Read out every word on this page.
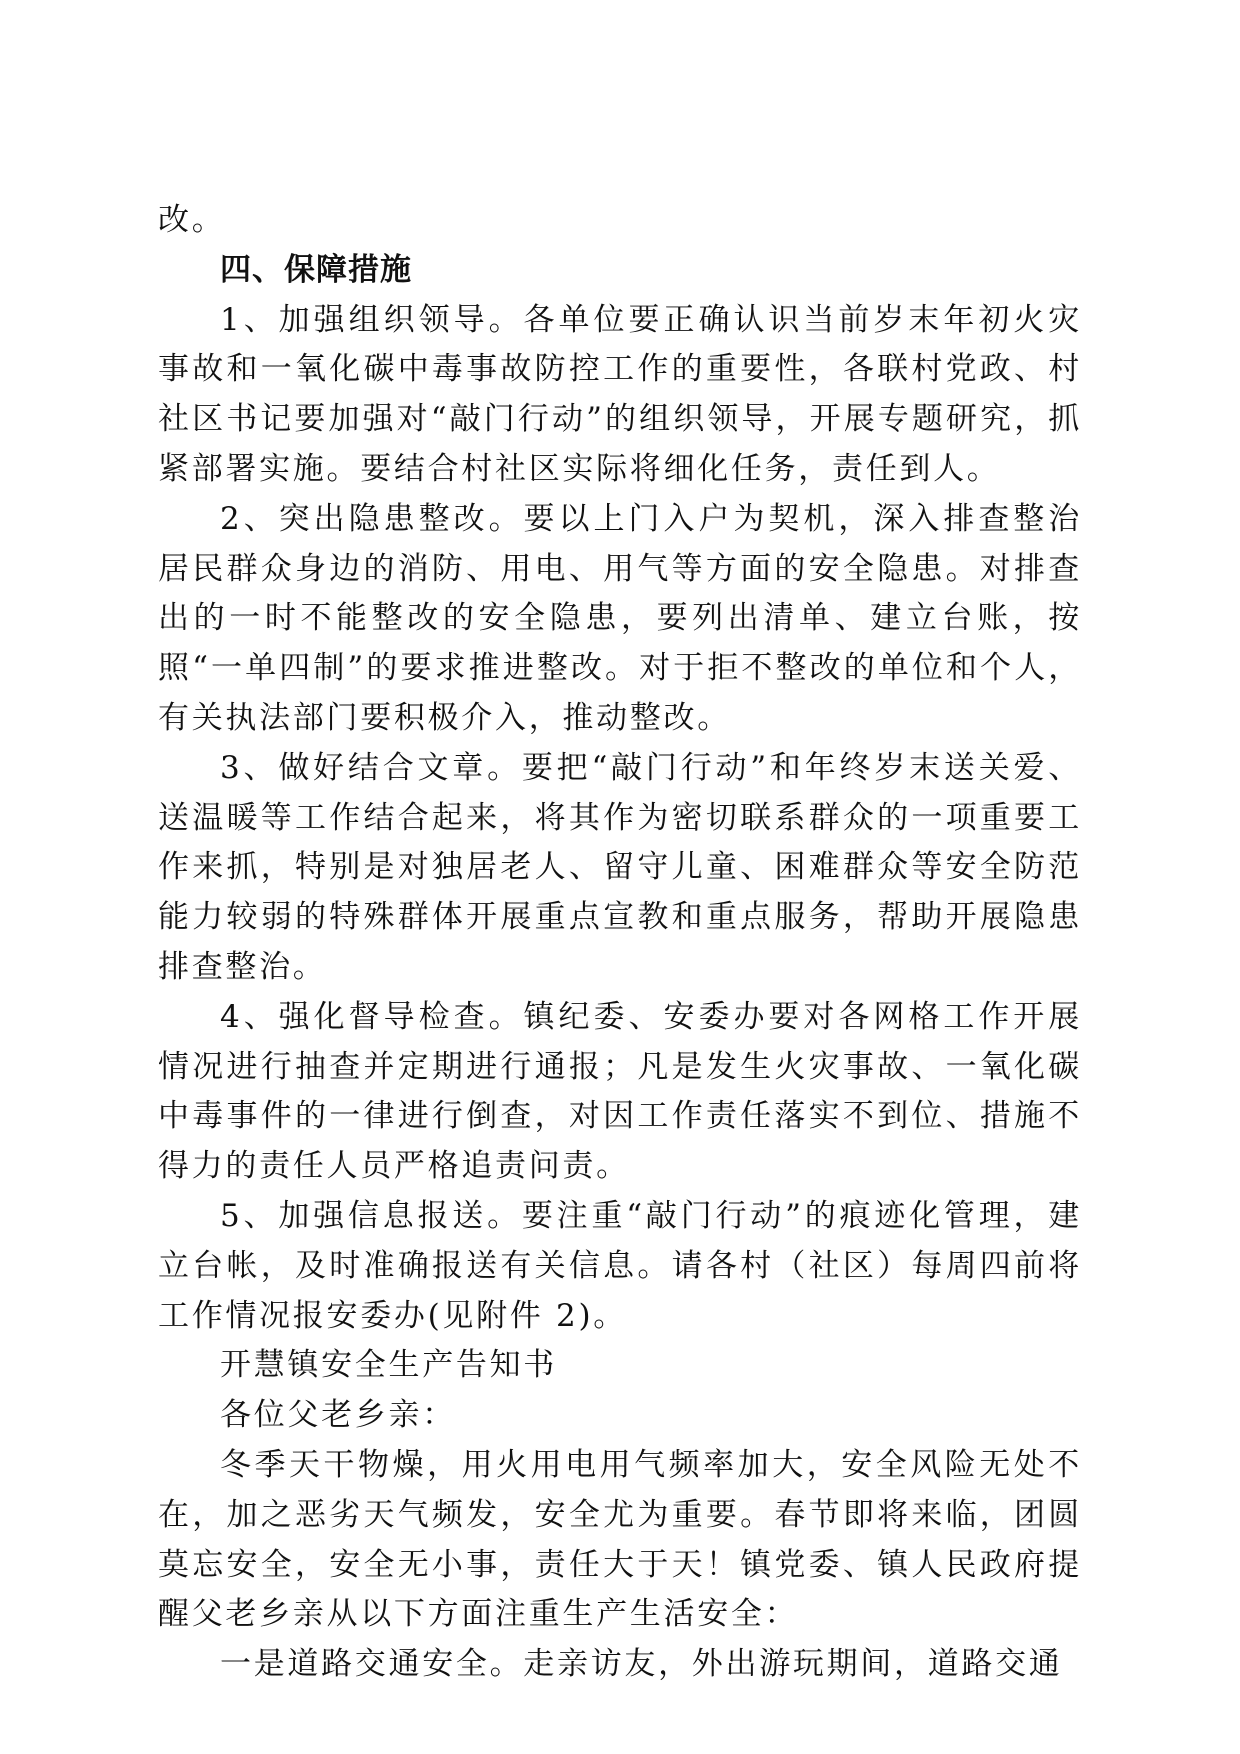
改。

四、保障措施

1、加强组织领导。各单位要正确认识当前岁末年初火灾事故和一氧化碳中毒事故防控工作的重要性，各联村党政、村社区书记要加强对“敲门行动”的组织领导，开展专题研究，抓紧部署实施。要结合村社区实际将细化任务，责任到人。

2、突出隐患整改。要以上门入户为契机，深入排查整治居民群众身边的消防、用电、用气等方面的安全隐患。对排查出的一时不能整改的安全隐患，要列出清单、建立台账，按照“一单四制”的要求推进整改。对于拒不整改的单位和个人，有关执法部门要积极介入，推动整改。

3、做好结合文章。要把“敲门行动”和年终岁末送关爱、送温暖等工作结合起来，将其作为密切联系群众的一项重要工作来抓，特别是对独居老人、留守儿童、困难群众等安全防范能力较弱的特殊群体开展重点宣教和重点服务，帮助开展隐患排查整治。

4、强化督导检查。镇纪委、安委办要对各网格工作开展情况进行抽查并定期进行通报；凡是发生火灾事故、一氧化碳中毒事件的一律进行倒查，对因工作责任落实不到位、措施不得力的责任人员严格追责问责。

5、加强信息报送。要注重“敲门行动”的痕迹化管理，建立台帐，及时准确报送有关信息。请各村（社区）每周四前将工作情况报安委办(见附件 2)。

开慧镇安全生产告知书

各位父老乡亲：

冬季天干物燥，用火用电用气频率加大，安全风险无处不在，加之恶劣天气频发，安全尤为重要。春节即将来临，团圆莫忘安全，安全无小事，责任大于天！镇党委、镇人民政府提醒父老乡亲从以下方面注重生产生活安全：

一是道路交通安全。走亲访友，外出游玩期间，道路交通
